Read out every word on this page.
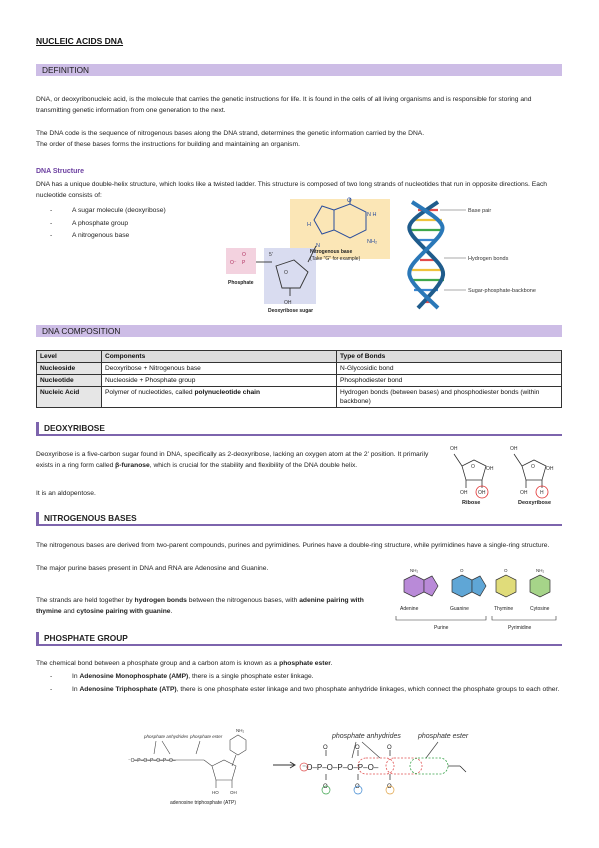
NUCLEIC ACIDS DNA
DEFINITION

DNA, or deoxyribonucleic acid, is the molecule that carries the genetic instructions for life. It is found in the cells of all living organisms and is responsible for storing and transmitting genetic information from one generation to the next.

The DNA code is the sequence of nitrogenous bases along the DNA strand, determines the genetic information carried by the DNA.

The order of these bases forms the instructions for building and maintaining an organism.

DNA Structure

DNA has a unique double-helix structure, which looks like a twisted ladder. This structure is composed of two long strands of nucleotides that run in opposite directions. Each nucleotide consists of:

- A sugar molecule (deoxyribose)
- A phosphate group
- A nitrogenous base
O
N H
NH₂
H
N
Nitrogenous base
(Take "G" for example)
O⁻
O
P
5'
O
OH
Phosphate
Deoxyribose sugar
Base pair
Hydrogen bonds
Sugar-phosphate-backbone
DNA COMPOSITION
Level	Components	Type of Bonds
Nucleoside	Deoxyribose + Nitrogenous base	N-Glycosidic bond
Nucleotide	Nucleoside + Phosphate group	Phosphodiester bond
Nucleic Acid	Polymer of nucleotides, called polynucleotide chain	Hydrogen bonds (between bases) and phosphodiester bonds (within backbone)
DEOXYRIBOSE

Deoxyribose is a five-carbon sugar found in DNA, specifically as 2-deoxyribose, lacking an oxygen atom at the 2' position. It primarily exists in a ring form called β-furanose, which is crucial for the stability and flexibility of the DNA double helix.

It is an aldopentose.

OH	OH
O	O
OH	OH
OH OH	OH	H
Ribose	Deoxyribose
NITROGENOUS BASES

The nitrogenous bases are derived from two-parent compounds, purines and pyrimidines. Purines have a double-ring structure, while pyrimidines have a single-ring structure.

The major purine bases present in DNA and RNA are Adenosine and Guanine.

The strands are held together by hydrogen bonds between the nitrogenous bases, with adenine pairing with thymine and cytosine pairing with guanine.

NH₂	O	O	NH₂
Adenine	Guanine	Thymine	Cytosine
Purine	Pyrimidine
PHOSPHATE GROUP

The chemical bond between a phosphate group and a carbon atom is known as a phosphate ester.

-	In Adenosine Monophosphate (AMP), there is a single phosphate ester linkage.

-	In Adenosine Triphosphate (ATP), there is one phosphate ester linkage and two phosphate anhydride linkages, which connect the phosphate groups to each other.

phosphate anhydrides phosphate ester
⁻O–P–O–P–O–P–O–
NH₂
HO	OH
adenosine triphosphate (ATP)
phosphate anhydrides phosphate ester
⁻O–P–O–P–O–P–O–
O	O	O
O	O	O
